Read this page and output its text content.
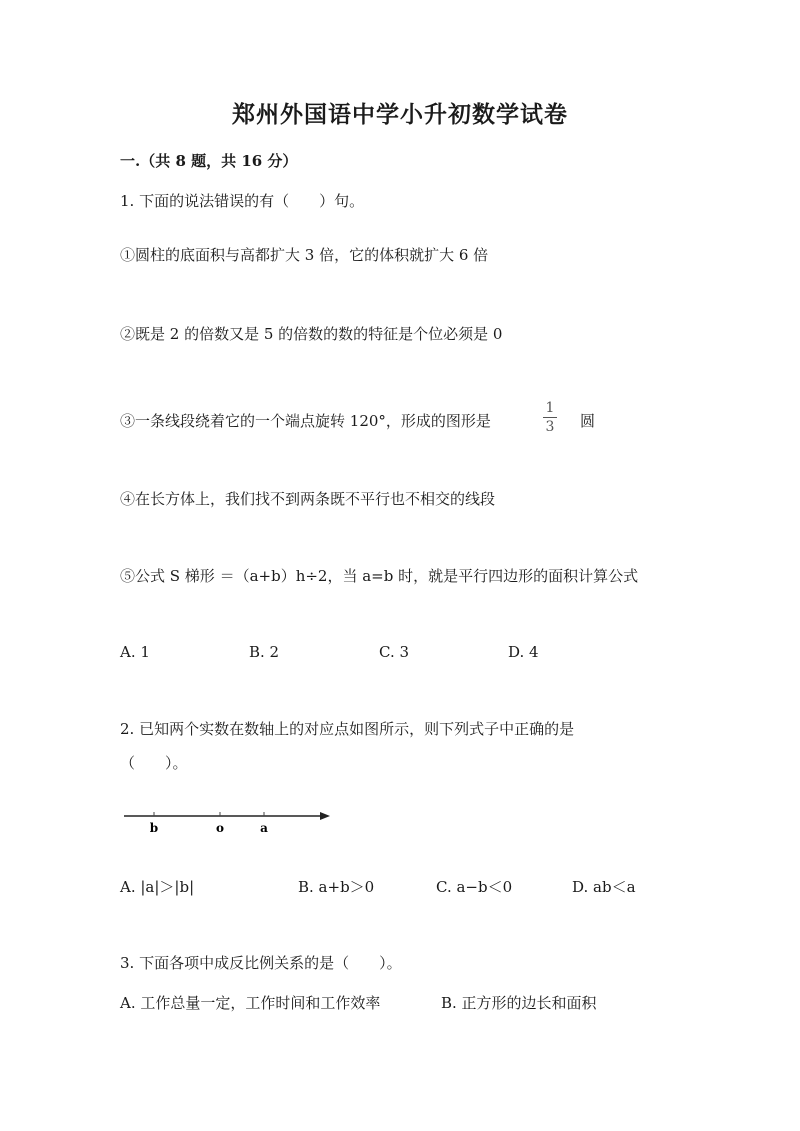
郑州外国语中学小升初数学试卷
一.（共 8 题，共 16 分）
1. 下面的说法错误的有（　　）句。
①圆柱的底面积与高都扩大 3 倍，它的体积就扩大 6 倍
②既是 2 的倍数又是 5 的倍数的数的特征是个位必须是 0
③一条线段绕着它的一个端点旋转 120°，形成的图形是
1
3	圆
④在长方体上，我们找不到两条既不平行也不相交的线段
⑤公式 S 梯形 ＝（a+b）h÷2，当 a=b 时，就是平行四边形的面积计算公式
A. 1	B. 2	C. 3	D. 4
2. 已知两个实数在数轴上的对应点如图所示，则下列式子中正确的是
（　　）。
b	o	a
A. |a|＞|b|	B. a+b＞0	C. a−b＜0	D. ab＜a
3. 下面各项中成反比例关系的是（　　）。
A. 工作总量一定，工作时间和工作效率	B. 正方形的边长和面积
